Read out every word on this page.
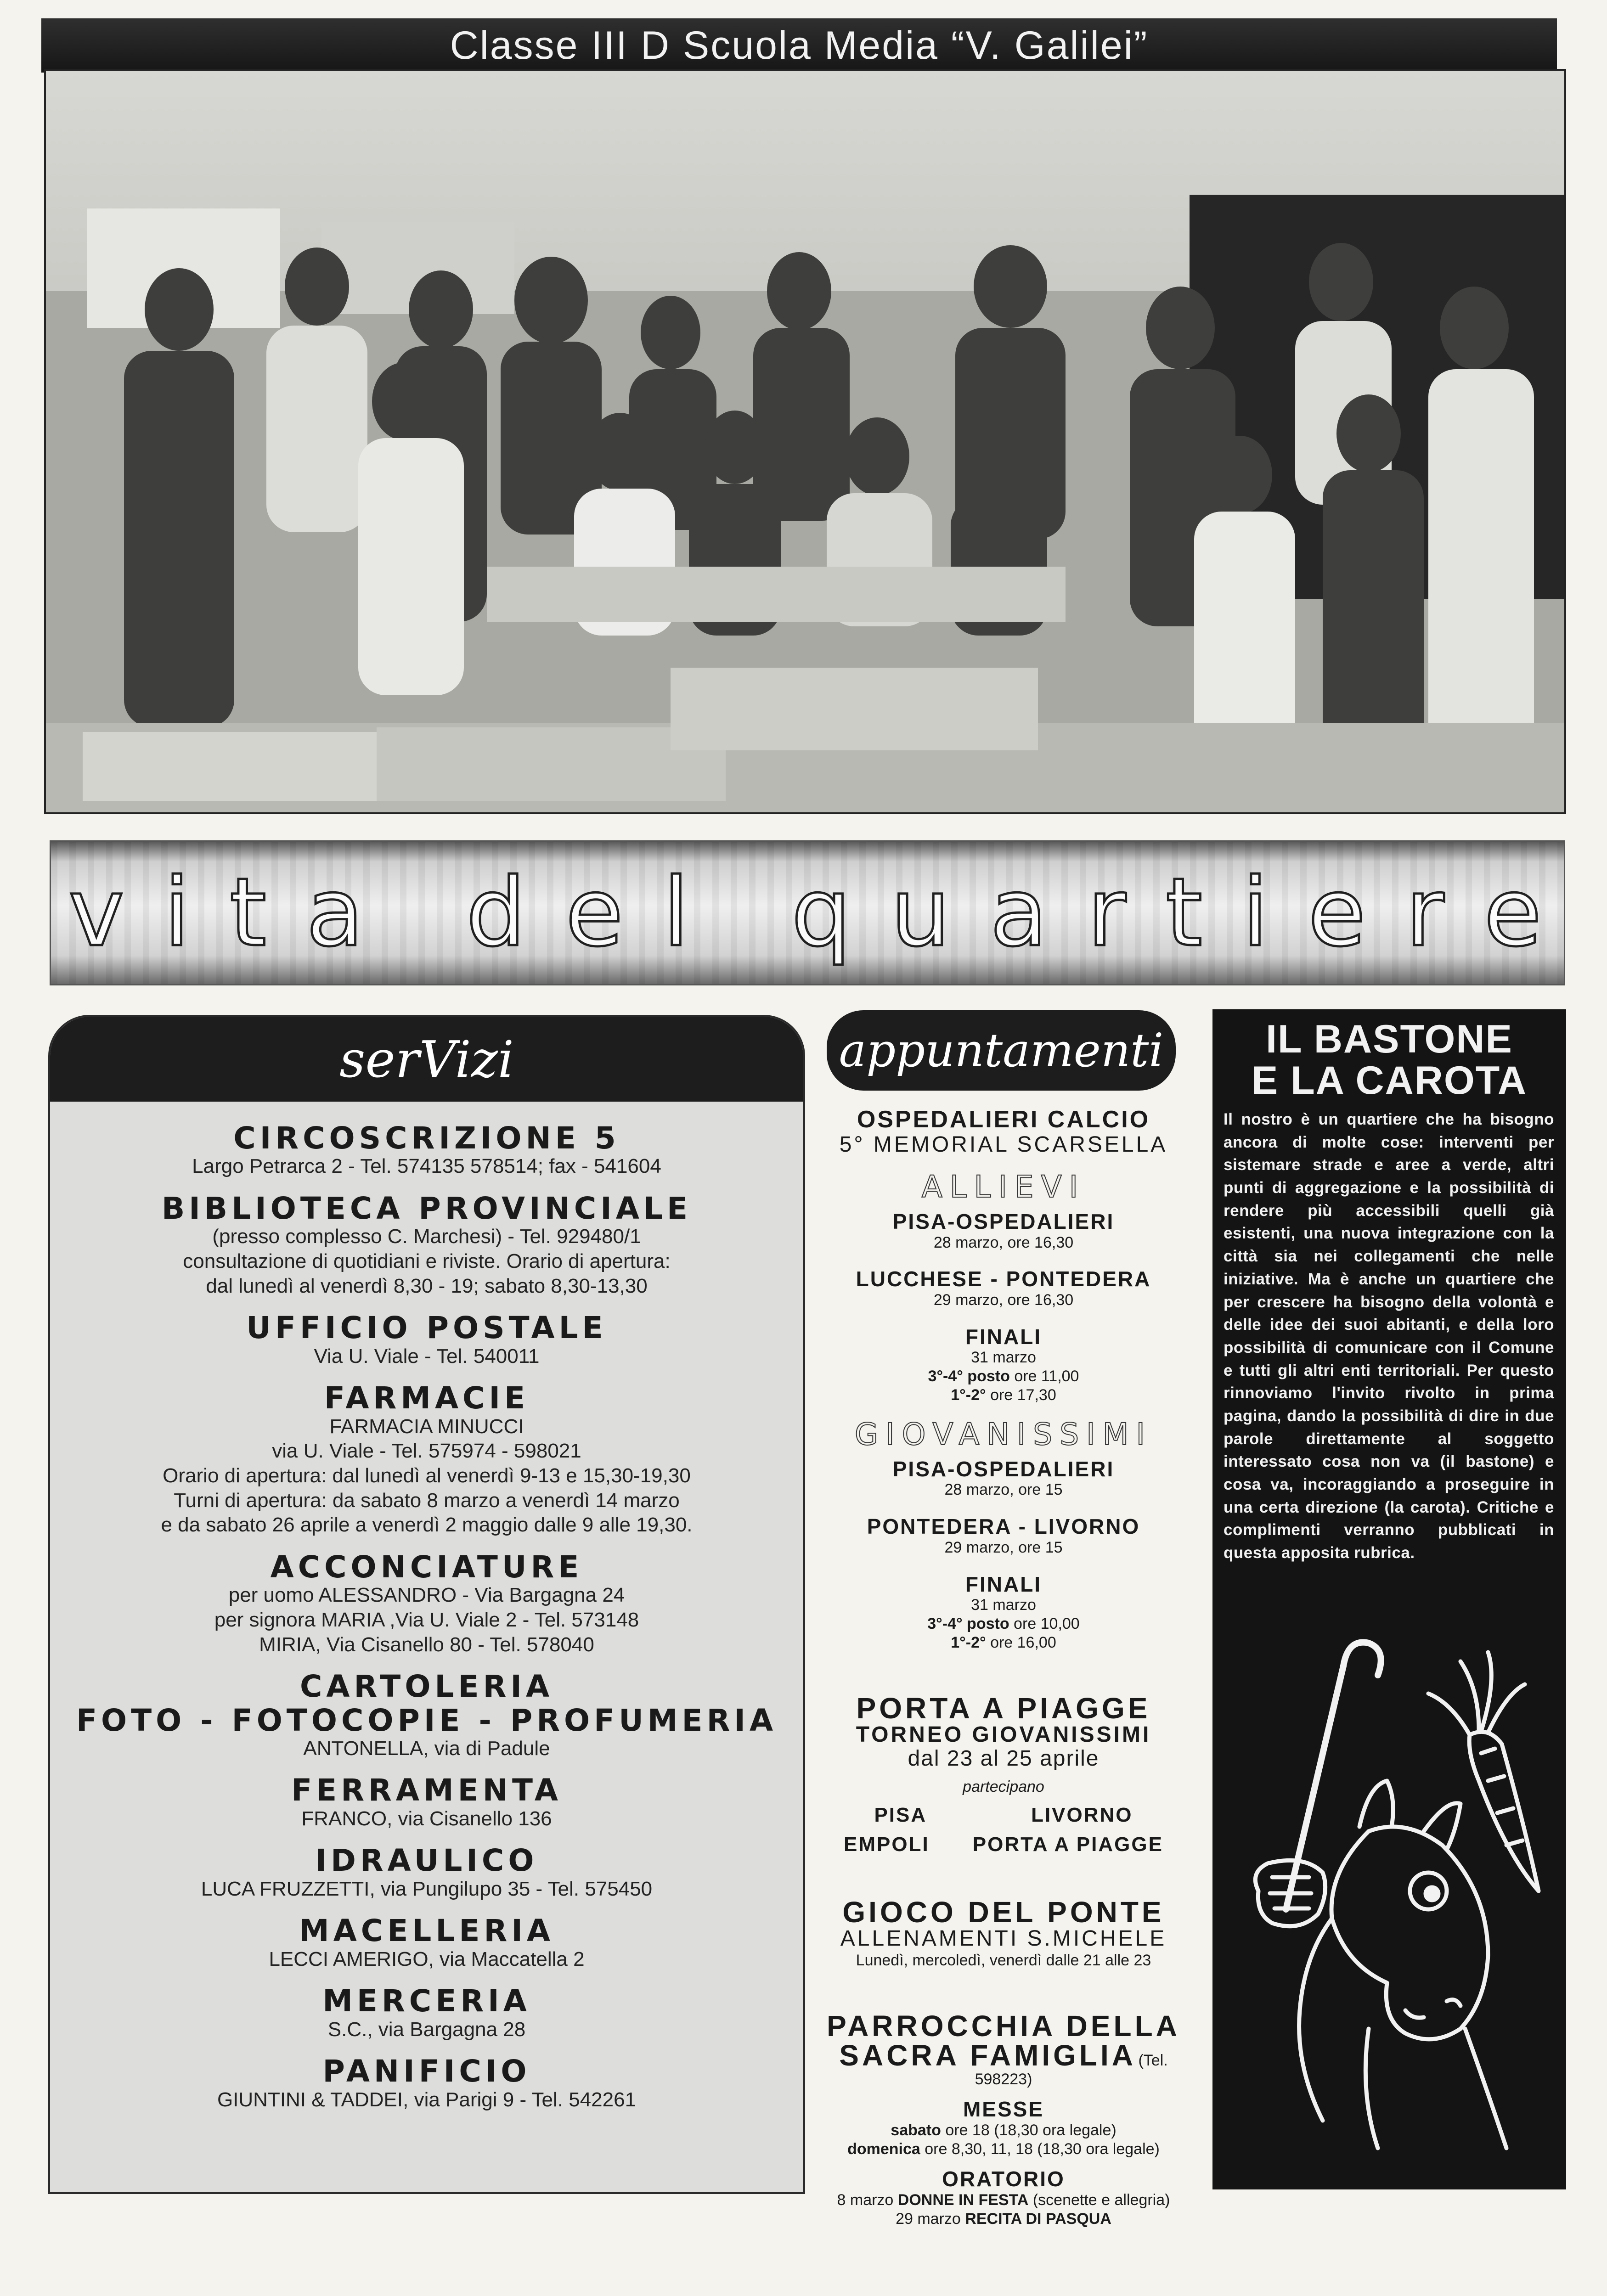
Classe III D Scuola Media “V. Galilei”
v i t a d e l q u a r t i e r e
serVizi
CIRCOSCRIZIONE 5
Largo Petrarca 2 - Tel. 574135 578514; fax - 541604
BIBLIOTECA PROVINCIALE
(presso complesso C. Marchesi) - Tel. 929480/1
consultazione di quotidiani e riviste. Orario di apertura:
dal lunedì al venerdì 8,30 - 19; sabato 8,30-13,30
UFFICIO POSTALE
Via U. Viale - Tel. 540011
FARMACIE
FARMACIA MINUCCI
via U. Viale - Tel. 575974 - 598021
Orario di apertura: dal lunedì al venerdì 9-13 e 15,30-19,30
Turni di apertura: da sabato 8 marzo a venerdì 14 marzo
e da sabato 26 aprile a venerdì 2 maggio dalle 9 alle 19,30.
ACCONCIATURE
per uomo ALESSANDRO - Via Bargagna 24
per signora MARIA ,Via U. Viale 2 - Tel. 573148
MIRIA, Via Cisanello 80 - Tel. 578040
CARTOLERIA
FOTO - FOTOCOPIE - PROFUMERIA
ANTONELLA, via di Padule
FERRAMENTA
FRANCO, via Cisanello 136
IDRAULICO
LUCA FRUZZETTI, via Pungilupo 35 - Tel. 575450
MACELLERIA
LECCI AMERIGO, via Maccatella 2
MERCERIA
S.C., via Bargagna 28
PANIFICIO
GIUNTINI & TADDEI, via Parigi 9 - Tel. 542261
appuntamenti
OSPEDALIERI CALCIO
5° MEMORIAL SCARSELLA
ALLIEVI
PISA-OSPEDALIERI
28 marzo, ore 16,30
LUCCHESE - PONTEDERA
29 marzo, ore 16,30
FINALI
31 marzo
3°-4° posto ore 11,00
1°-2° ore 17,30
GIOVANISSIMI
PISA-OSPEDALIERI
28 marzo, ore 15
PONTEDERA - LIVORNO
29 marzo, ore 15
FINALI
31 marzo
3°-4° posto ore 10,00
1°-2° ore 16,00
PORTA A PIAGGE
TORNEO GIOVANISSIMI
dal 23 al 25 aprile
partecipano
PISA	LIVORNO
EMPOLI PORTA A PIAGGE
GIOCO DEL PONTE
ALLENAMENTI S.MICHELE
Lunedì, mercoledì, venerdì dalle 21 alle 23
PARROCCHIA DELLA
SACRA FAMIGLIA (Tel. 598223)
MESSE
sabato ore 18 (18,30 ora legale)
domenica ore 8,30, 11, 18 (18,30 ora legale)
ORATORIO
8 marzo DONNE IN FESTA (scenette e allegria)
29 marzo RECITA DI PASQUA
IL BASTONE
E LA CAROTA
Il nostro è un quartiere che ha bisogno ancora di molte cose: interventi per sistemare strade e aree a verde, altri punti di aggregazione e la possibilità di rendere più accessibili quelli già esistenti, una nuova integrazione con la città sia nei collegamenti che nelle iniziative. Ma è anche un quartiere che per crescere ha bisogno della volontà e delle idee dei suoi abitanti, e della loro possibilità di comunicare con il Comune e tutti gli altri enti territoriali. Per questo rinnoviamo l'invito rivolto in prima pagina, dando la possibilità di dire in due parole direttamente al soggetto interessato cosa non va (il bastone) e cosa va, incoraggiando a proseguire in una certa direzione (la carota). Critiche e complimenti verranno pubblicati in questa apposita rubrica.
